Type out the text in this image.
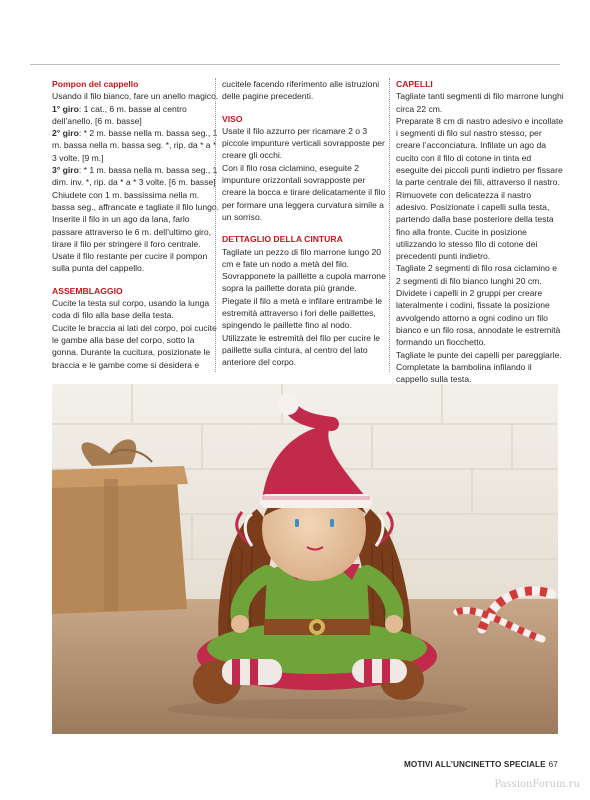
Pompon del cappello

Usando il filo bianco, fare un anello magico.

1° giro: 1 cat., 6 m. basse al centro dell’anello. [6 m. basse]

2° giro: * 2 m. basse nella m. bassa seg., 1 m. bassa nella m. bassa seg. *, rip. da * a * 3 volte. [9 m.]

3° giro: * 1 m. bassa nella m. bassa seg., 1 dim. inv. *, rip. da * a * 3 volte. [6 m. basse]

Chiudete con 1 m. bassissima nella m. bassa seg., affrancate e tagliate il filo lungo. Inserite il filo in un ago da lana, farlo passare attraverso le 6 m. dell’ultimo giro, tirare il filo per stringere il foro centrale. Usate il filo restante per cucire il pompon sulla punta del cappello.

ASSEMBLAGGIO

Cucite la testa sul corpo, usando la lunga coda di filo alla base della testa.

Cucite le braccia ai lati del corpo, poi cucite le gambe alla base del corpo, sotto la gonna. Durante la cucitura, posizionate le braccia e le gambe come si desidera e

cucitele facendo riferimento alle istruzioni delle pagine precedenti.

VISO

Usate il filo azzurro per ricamare 2 o 3 piccole impunture verticali sovrapposte per creare gli occhi.

Con il filo rosa ciclamino, eseguite 2 impunture orizzontali sovrapposte per creare la bocca e tirare delicatamente il filo per formare una leggera curvatura simile a un sorriso.

DETTAGLIO DELLA CINTURA

Tagliate un pezzo di filo marrone lungo 20 cm e fate un nodo a metà del filo. Sovrapponete la paillette a cupola marrone sopra la paillette dorata più grande.

Piegate il filo a metà e infilare entrambe le estremità attraverso i fori delle paillettes, spingendo le paillette fino al nodo.

Utilizzate le estremità del filo per cucire le paillette sulla cintura, al centro del lato anteriore del corpo.

CAPELLI

Tagliate tanti segmenti di filo marrone lunghi circa 22 cm.

Preparate 8 cm di nastro adesivo e incollate i segmenti di filo sul nastro stesso, per creare l’acconciatura. Infilate un ago da cucito con il filo di cotone in tinta ed eseguite dei piccoli punti indietro per fissare la parte centrale dei fili, attraverso il nastro. Rimuovete con delicatezza il nastro adesivo. Posizionate i capelli sulla testa, partendo dalla base posteriore della testa fino alla fronte. Cucite in posizione utilizzando lo stesso filo di cotone dei precedenti punti indietro.

Tagliate 2 segmenti di filo rosa ciclamino e 2 segmenti di filo bianco lunghi 20 cm. Dividete i capelli in 2 gruppi per creare lateralmente i codini, fissate la posizione avvolgendo attorno a ogni codino un filo bianco e un filo rosa, annodate le estremità formando un fiocchetto.

Tagliate le punte dei capelli per pareggiarle. Completate la bambolina infilando il cappello sulla testa.

MOTIVI ALL’UNCINETTO SPECIALE 67
PassionForum.ru
